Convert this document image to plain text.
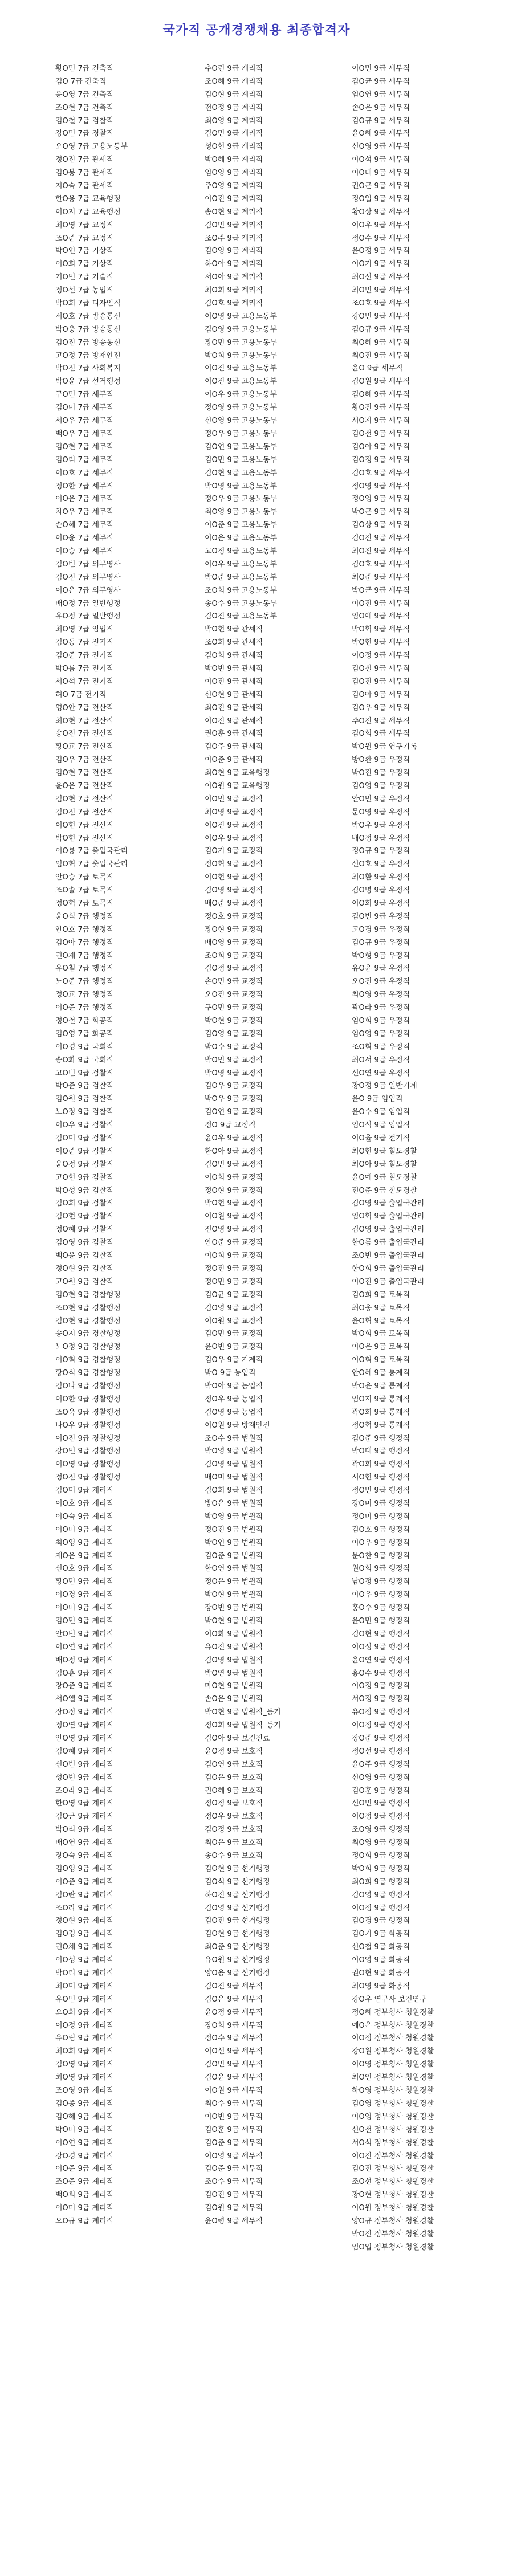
국가직 공개경쟁채용 최종합격자
황O민 7급 건축직
김O 7급 건축직
윤O영 7급 건축직
조O현 7급 건축직
김O철 7급 검찰직
강O민 7급 경찰직
오O영 7급 고용노동부
정O진 7급 관세직
김O봉 7급 관세직
지O숙 7급 관세직
한O용 7급 교육행정
이O지 7급 교육행정
최O영 7급 교정직
조O준 7급 교정직
박O연 7급 기상직
이O희 7급 기상직
기O민 7급 기술직
정O선 7급 농업직
박O희 7급 디자인직
서O호 7급 방송통신
박O웅 7급 방송통신
김O진 7급 방송통신
고O정 7급 방재안전
박O진 7급 사회복지
박O윤 7급 선거행정
구O민 7급 세무직
김O미 7급 세무직
서O우 7급 세무직
백O우 7급 세무직
김O현 7급 세무직
김O리 7급 세무직
이O호 7급 세무직
정O한 7급 세무직
이O은 7급 세무직
차O우 7급 세무직
손O혜 7급 세무직
이O윤 7급 세무직
이O승 7급 세무직
김O빈 7급 외무영사
김O진 7급 외무영사
이O은 7급 외무영사
배O정 7급 일반행정
유O정 7급 일반행정
최O영 7급 임업직
김O동 7급 전기직
김O준 7급 전기직
박O름 7급 전기직
서O석 7급 전기직
허O 7급 전기직
영O안 7급 전산직
최O현 7급 전산직
송O진 7급 전산직
황O교 7급 전산직
김O우 7급 전산직
김O현 7급 전산직
윤O은 7급 전산직
김O현 7급 전산직
김O진 7급 전산직
이O현 7급 전산직
박O현 7급 전산직
이O룡 7급 출입국관리
임O혁 7급 출입국관리
안O승 7급 토목직
조O솔 7급 토목직
정O혁 7급 토목직
윤O식 7급 행정직
안O호 7급 행정직
김O아 7급 행정직
권O재 7급 행정직
유O철 7급 행정직
노O준 7급 행정직
정O교 7급 행정직
이O준 7급 행정직
정O철 7급 화공직
김O영 7급 화공직
이O경 9급 국회직
송O화 9급 국회직
고O빈 9급 검찰직
박O준 9급 검찰직
김O원 9급 검찰직
노O정 9급 검찰직
이O우 9급 검찰직
김O미 9급 검찰직
이O준 9급 검찰직
윤O정 9급 검찰직
고O현 9급 검찰직
박O성 9급 검찰직
김O희 9급 검찰직
김O현 9급 검찰직
정O혜 9급 검찰직
김O영 9급 검찰직
백O윤 9급 검찰직
정O현 9급 검찰직
고O원 9급 검찰직
김O현 9급 경찰행정
조O현 9급 경찰행정
김O현 9급 경찰행정
송O지 9급 경찰행정
노O정 9급 경찰행정
이O혁 9급 경찰행정
황O식 9급 경찰행정
김O나 9급 경찰행정
이O한 9급 경찰행정
조O욱 9급 경찰행정
나O우 9급 경찰행정
이O진 9급 경찰행정
강O민 9급 경찰행정
이O영 9급 경찰행정
정O진 9급 경찰행정
김O미 9급 계리직
이O호 9급 계리직
이O숙 9급 계리직
이O미 9급 계리직
최O영 9급 계리직
제O은 9급 계리직
신O호 9급 계리직
황O민 9급 계리직
이O경 9급 계리직
이O미 9급 계리직
김O민 9급 계리직
안O빈 9급 계리직
이O연 9급 계리직
배O정 9급 계리직
김O훈 9급 계리직
장O준 9급 계리직
서O엘 9급 계리직
장O정 9급 계리직
정O연 9급 계리직
안O영 9급 계리직
김O혜 9급 계리직
신O빈 9급 계리직
성O빈 9급 계리직
조O라 9급 계리직
한O영 9급 계리직
김O근 9급 계리직
박O리 9급 계리직
배O연 9급 계리직
장O숙 9급 계리직
김O영 9급 계리직
이O준 9급 계리직
김O란 9급 계리직
조O라 9급 계리직
정O현 9급 계리직
김O경 9급 계리직
권O채 9급 계리직
이O성 9급 계리직
박O리 9급 계리직
최O미 9급 계리직
유O민 9급 계리직
오O희 9급 계리직
이O정 9급 계리직
유O림 9급 계리직
최O희 9급 계리직
김O영 9급 계리직
최O영 9급 계리직
조O영 9급 계리직
김O종 9급 계리직
김O혜 9급 계리직
박O미 9급 계리직
이O연 9급 계리직
강O경 9급 계리직
이O준 9급 계리직
조O준 9급 계리직
백O희 9급 계리직
이O미 9급 계리직
오O규 9급 계리직
추O린 9급 계리직
조O혜 9급 계리직
김O현 9급 계리직
전O정 9급 계리직
최O영 9급 계리직
김O민 9급 계리직
성O현 9급 계리직
박O혜 9급 계리직
임O영 9급 계리직
주O영 9급 계리직
이O진 9급 계리직
송O현 9급 계리직
김O민 9급 계리직
조O주 9급 계리직
김O영 9급 계리직
하O아 9급 계리직
서O아 9급 계리직
최O희 9급 계리직
김O호 9급 계리직
이O영 9급 고용노동부
김O영 9급 고용노동부
황O민 9급 고용노동부
박O희 9급 고용노동부
이O진 9급 고용노동부
이O진 9급 고용노동부
이O우 9급 고용노동부
정O영 9급 고용노동부
신O영 9급 고용노동부
정O우 9급 고용노동부
김O연 9급 고용노동부
김O민 9급 고용노동부
김O현 9급 고용노동부
박O영 9급 고용노동부
정O우 9급 고용노동부
최O영 9급 고용노동부
이O준 9급 고용노동부
이O은 9급 고용노동부
고O정 9급 고용노동부
이O우 9급 고용노동부
박O준 9급 고용노동부
조O희 9급 고용노동부
송O수 9급 고용노동부
김O진 9급 고용노동부
박O현 9급 관세직
조O희 9급 관세직
김O희 9급 관세직
박O빈 9급 관세직
이O진 9급 관세직
신O현 9급 관세직
최O진 9급 관세직
이O진 9급 관세직
권O훈 9급 관세직
김O주 9급 관세직
이O준 9급 관세직
최O현 9급 교육행정
이O원 9급 교육행정
이O민 9급 교정직
최O영 9급 교정직
이O진 9급 교정직
이O우 9급 교정직
김O기 9급 교정직
정O혁 9급 교정직
이O현 9급 교정직
김O영 9급 교정직
배O준 9급 교정직
정O호 9급 교정직
황O현 9급 교정직
배O영 9급 교정직
조O희 9급 교정직
김O정 9급 교정직
손O민 9급 교정직
오O진 9급 교정직
구O민 9급 교정직
박O현 9급 교정직
김O영 9급 교정직
박O수 9급 교정직
박O민 9급 교정직
박O영 9급 교정직
김O우 9급 교정직
박O우 9급 교정직
김O연 9급 교정직
정O 9급 교정직
윤O우 9급 교정직
한O아 9급 교정직
김O민 9급 교정직
이O희 9급 교정직
정O현 9급 교정직
박O현 9급 교정직
이O원 9급 교정직
전O영 9급 교정직
안O준 9급 교정직
이O희 9급 교정직
정O진 9급 교정직
정O민 9급 교정직
김O균 9급 교정직
김O영 9급 교정직
이O원 9급 교정직
김O민 9급 교정직
윤O빈 9급 교정직
김O우 9급 기계직
박O 9급 농업직
박O아 9급 농업직
정O우 9급 농업직
김O영 9급 농업직
이O원 9급 방재안전
조O수 9급 법원직
박O영 9급 법원직
김O영 9급 법원직
배O미 9급 법원직
김O희 9급 법원직
방O은 9급 법원직
박O영 9급 법원직
정O진 9급 법원직
박O연 9급 법원직
김O준 9급 법원직
한O연 9급 법원직
정O은 9급 법원직
박O현 9급 법원직
장O빈 9급 법원직
박O현 9급 법원직
이O화 9급 법원직
유O진 9급 법원직
김O영 9급 법원직
박O연 9급 법원직
마O현 9급 법원직
손O은 9급 법원직
박O현 9급 법원직_등기
정O희 9급 법원직_등기
김O아 9급 보건진료
윤O정 9급 보호직
김O연 9급 보호직
김O은 9급 보호직
권O혜 9급 보호직
정O정 9급 보호직
정O우 9급 보호직
김O정 9급 보호직
최O은 9급 보호직
송O수 9급 보호직
김O현 9급 선거행정
김O석 9급 선거행정
하O진 9급 선거행정
김O영 9급 선거행정
김O진 9급 선거행정
김O현 9급 선거행정
최O준 9급 선거행정
유O원 9급 선거행정
양O용 9급 선거행정
김O진 9급 세무직
김O은 9급 세무직
윤O정 9급 세무직
장O희 9급 세무직
정O수 9급 세무직
이O선 9급 세무직
김O민 9급 세무직
김O윤 9급 세무직
이O원 9급 세무직
최O수 9급 세무직
이O빈 9급 세무직
김O훈 9급 세무직
김O준 9급 세무직
이O영 9급 세무직
김O준 9급 세무직
조O수 9급 세무직
김O진 9급 세무직
김O원 9급 세무직
윤O령 9급 세무직
이O민 9급 세무직
김O균 9급 세무직
임O연 9급 세무직
손O은 9급 세무직
김O규 9급 세무직
윤O혜 9급 세무직
신O영 9급 세무직
이O석 9급 세무직
이O대 9급 세무직
권O근 9급 세무직
정O일 9급 세무직
황O상 9급 세무직
이O우 9급 세무직
정O수 9급 세무직
윤O정 9급 세무직
이O기 9급 세무직
최O선 9급 세무직
최O민 9급 세무직
조O호 9급 세무직
강O민 9급 세무직
김O규 9급 세무직
최O혜 9급 세무직
최O진 9급 세무직
윤O 9급 세무직
김O원 9급 세무직
김O혜 9급 세무직
황O진 9급 세무직
서O지 9급 세무직
김O철 9급 세무직
김O아 9급 세무직
김O정 9급 세무직
김O호 9급 세무직
정O영 9급 세무직
정O영 9급 세무직
박O근 9급 세무직
김O상 9급 세무직
김O진 9급 세무직
최O진 9급 세무직
김O호 9급 세무직
최O준 9급 세무직
박O근 9급 세무직
이O진 9급 세무직
임O예 9급 세무직
박O혁 9급 세무직
박O현 9급 세무직
이O정 9급 세무직
김O철 9급 세무직
김O진 9급 세무직
김O아 9급 세무직
김O우 9급 세무직
주O진 9급 세무직
김O희 9급 세무직
박O원 9급 연구기록
방O환 9급 우정직
박O진 9급 우정직
김O영 9급 우정직
안O민 9급 우정직
문O영 9급 우정직
박O우 9급 우정직
배O정 9급 우정직
정O규 9급 우정직
신O호 9급 우정직
최O환 9급 우정직
김O명 9급 우정직
이O희 9급 우정직
김O빈 9급 우정직
고O경 9급 우정직
김O규 9급 우정직
박O형 9급 우정직
유O윤 9급 우정직
오O진 9급 우정직
최O영 9급 우정직
곽O라 9급 우정직
임O희 9급 우정직
임O영 9급 우정직
조O혁 9급 우정직
최O서 9급 우정직
신O연 9급 우정직
황O정 9급 일반기계
윤O 9급 임업직
윤O수 9급 임업직
임O석 9급 임업직
이O율 9급 전기직
최O현 9급 철도경찰
최O아 9급 철도경찰
윤O예 9급 철도경찰
전O준 9급 철도경찰
김O영 9급 출입국관리
임O혁 9급 출입국관리
김O영 9급 출입국관리
한O름 9급 출입국관리
조O빈 9급 출입국관리
한O희 9급 출입국관리
이O진 9급 출입국관리
김O희 9급 토목직
최O웅 9급 토목직
윤O혁 9급 토목직
박O희 9급 토목직
이O은 9급 토목직
이O혁 9급 토목직
안O혜 9급 통계직
박O윤 9급 통계직
엄O지 9급 통계직
곽O희 9급 통계직
정O혁 9급 통계직
김O준 9급 행정직
박O대 9급 행정직
곽O희 9급 행정직
서O현 9급 행정직
정O민 9급 행정직
강O미 9급 행정직
정O미 9급 행정직
김O호 9급 행정직
이O우 9급 행정직
문O찬 9급 행정직
원O희 9급 행정직
남O정 9급 행정직
이O우 9급 행정직
홍O수 9급 행정직
윤O민 9급 행정직
김O현 9급 행정직
이O성 9급 행정직
윤O연 9급 행정직
홍O수 9급 행정직
이O정 9급 행정직
서O정 9급 행정직
유O정 9급 행정직
이O정 9급 행정직
장O준 9급 행정직
정O선 9급 행정직
윤O주 9급 행정직
신O영 9급 행정직
김O훈 9급 행정직
신O민 9급 행정직
이O정 9급 행정직
조O영 9급 행정직
최O영 9급 행정직
정O희 9급 행정직
박O희 9급 행정직
최O희 9급 행정직
김O영 9급 행정직
이O정 9급 행정직
김O경 9급 행정직
김O기 9급 화공직
신O철 9급 화공직
이O영 9급 화공직
권O현 9급 화공직
최O영 9급 화공직
강O우 연구사 보건연구
정O혜 정부청사 청원경찰
예O은 정부청사 청원경찰
이O정 정부청사 청원경찰
강O원 정부청사 청원경찰
이O영 정부청사 청원경찰
최O인 정부청사 청원경찰
하O영 정부청사 청원경찰
김O영 정부청사 청원경찰
이O영 정부청사 청원경찰
신O철 정부청사 청원경찰
서O석 정부청사 청원경찰
이O진 정부청사 청원경찰
김O진 정부청사 청원경찰
조O선 정부청사 청원경찰
황O현 정부청사 청원경찰
이O원 정부청사 청원경찰
양O규 정부청사 청원경찰
박O진 정부청사 청원경찰
엄O업 정부청사 청원경찰
